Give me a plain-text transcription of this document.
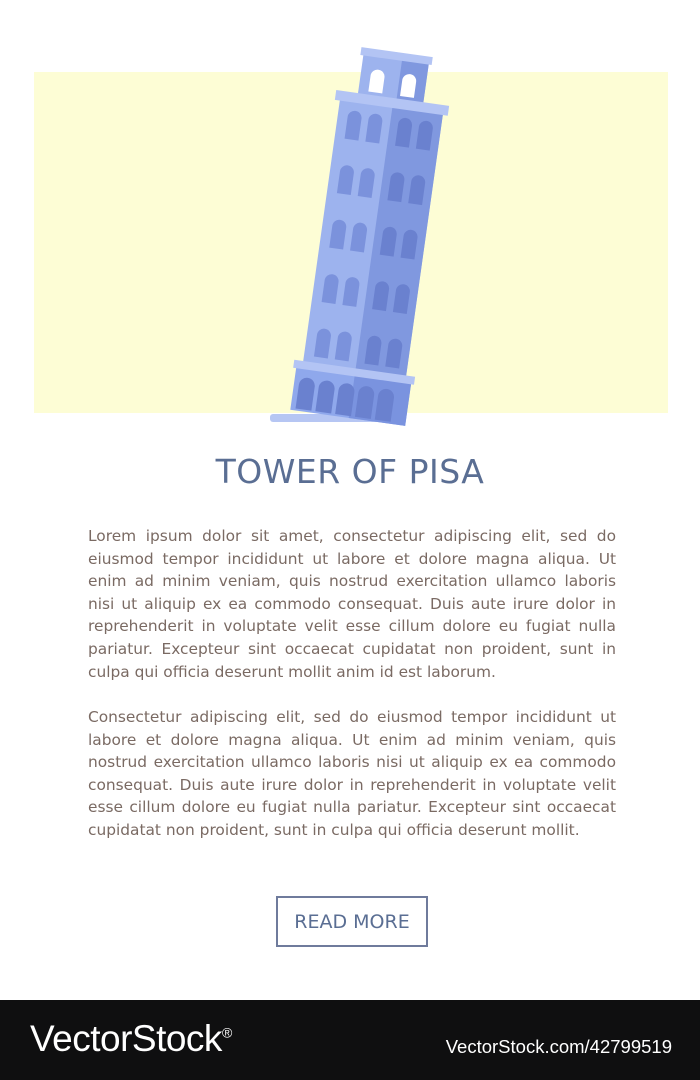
TOWER OF PISA

Lorem ipsum dolor sit amet, consectetur adipiscing elit, sed do eiusmod tempor incididunt ut labore et dolore magna aliqua. Ut enim ad minim veniam, quis nostrud exercitation ullamco laboris nisi ut aliquip ex ea commodo consequat. Duis aute irure dolor in reprehenderit in voluptate velit esse cillum dolore eu fugiat nulla pariatur. Excepteur sint occaecat cupidatat non proident, sunt in culpa qui officia deserunt mollit anim id est laborum.

Consectetur adipiscing elit, sed do eiusmod tempor incididunt ut labore et dolore magna aliqua. Ut enim ad minim veniam, quis nostrud exercitation ullamco laboris nisi ut aliquip ex ea commodo consequat. Duis aute irure dolor in reprehenderit in voluptate velit esse cillum dolore eu fugiat nulla pariatur. Excepteur sint occaecat cupidatat non proident, sunt in culpa qui officia deserunt mollit.

READ MORE
VectorStock®
VectorStock.com/42799519
